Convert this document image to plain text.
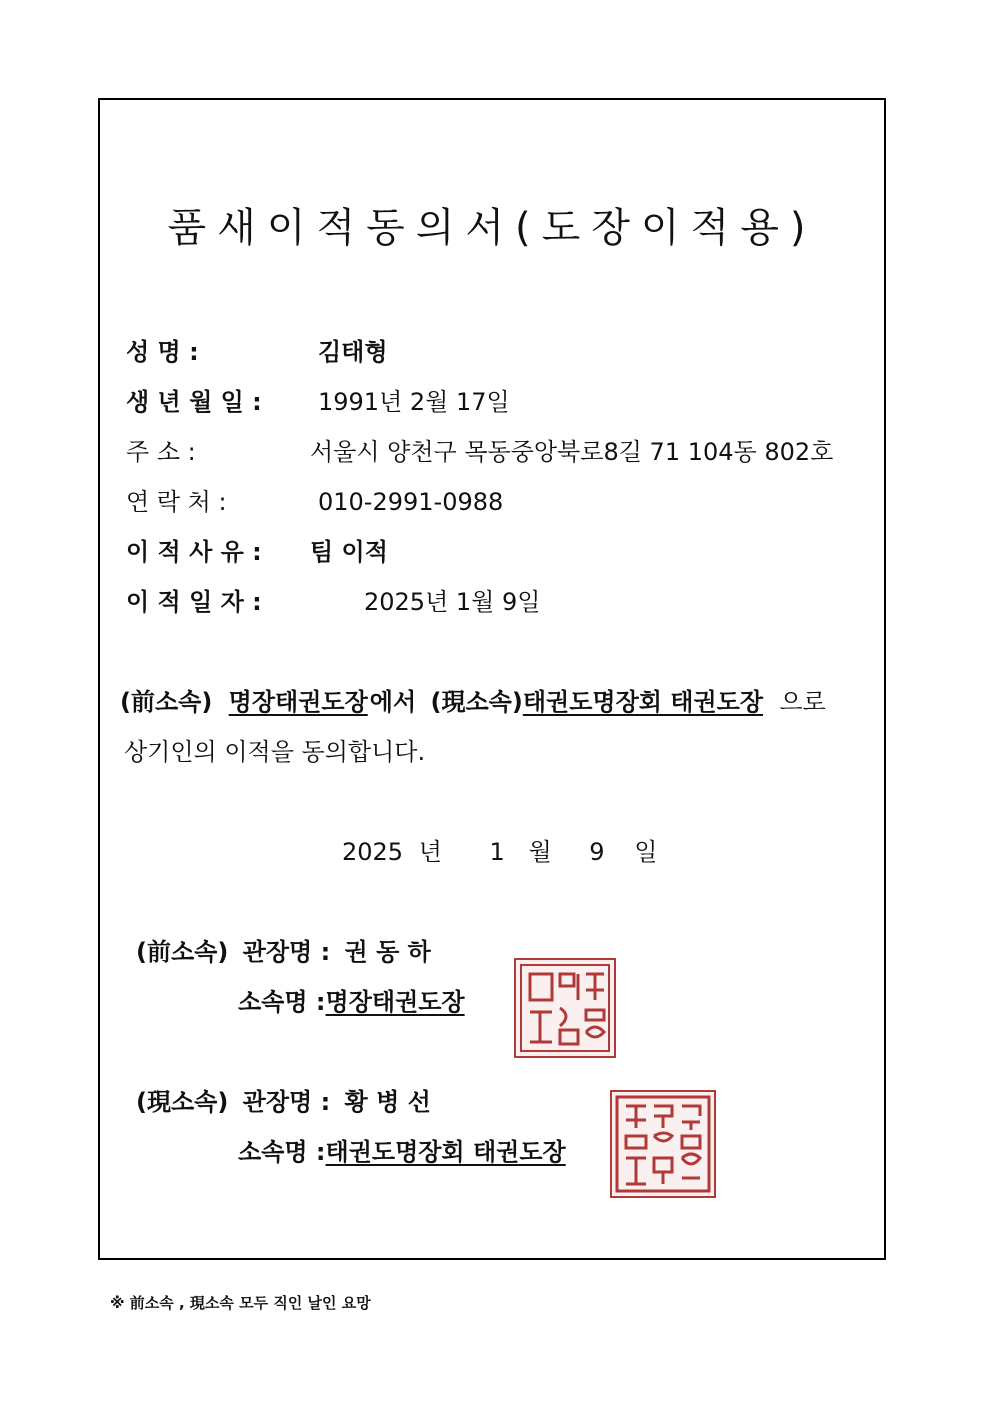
품새이적동의서(도장이적용)
성 명 :	김태형
생 년 월 일 : 1991년 2월 17일
주 소 :	서울시 양천구 목동중앙북로8길 71 104동 802호
연 락 처 :	010-2991-0988
이 적 사 유 : 팀 이적
이 적 일 자 :	2025년 1월 9일
(前소속) 명장태권도장에서 (現소속)태권도명장회 태권도장 으로
상기인의 이적을 동의합니다.
2025 년 1 월 9 일
(前소속) 관장명 : 권 동 하
소속명 :명장태권도장
(現소속) 관장명 : 황 병 선
소속명 :태권도명장회 태권도장
※ 前소속 , 現소속 모두 직인 날인 요망
